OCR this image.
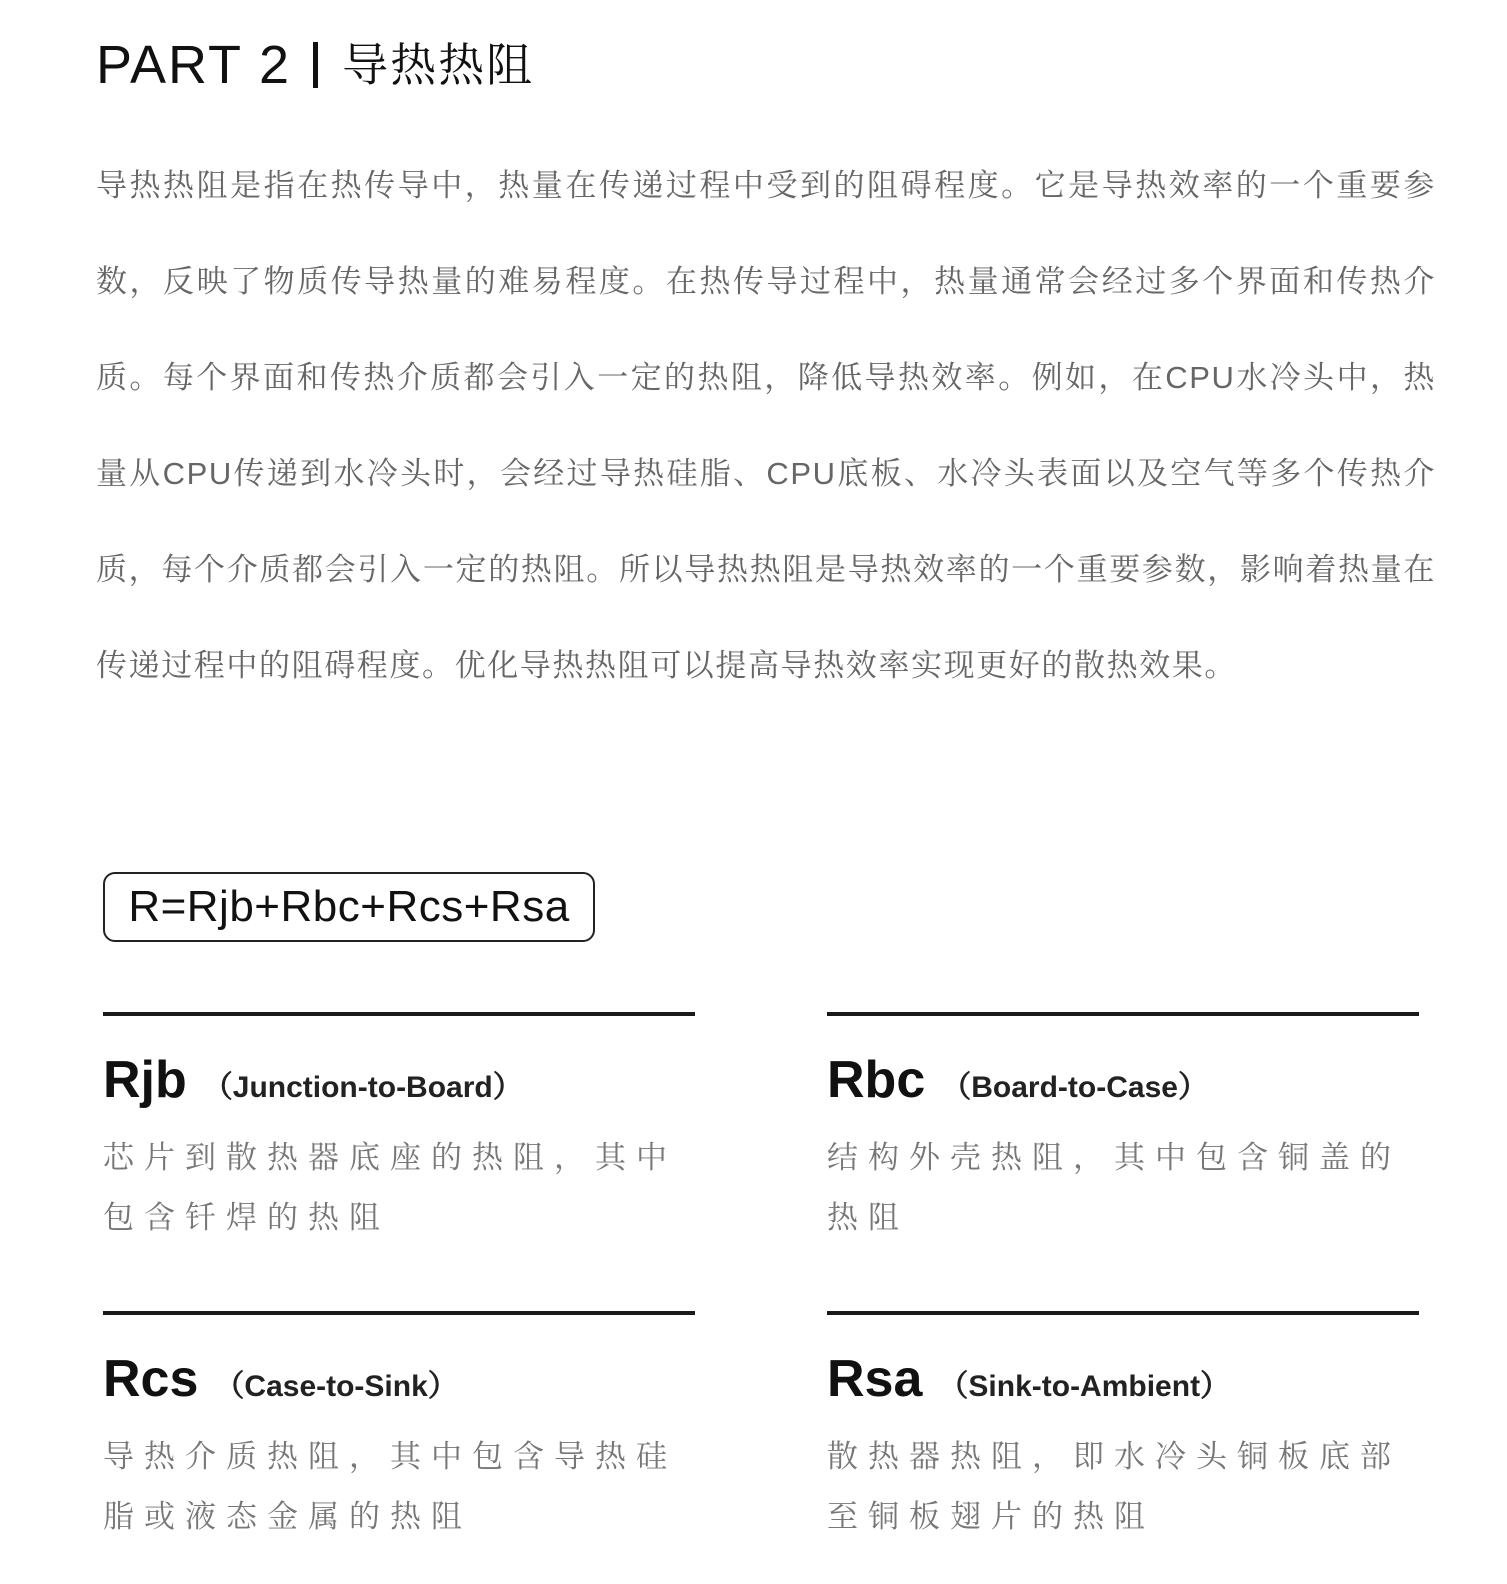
PART 2 导热热阻

导热热阻是指在热传导中，热量在传递过程中受到的阻碍程度。它是导热效率的一个重要参数，反映了物质传导热量的难易程度。在热传导过程中，热量通常会经过多个界面和传热介质。每个界面和传热介质都会引入一定的热阻，降低导热效率。例如，在CPU水冷头中，热量从CPU传递到水冷头时，会经过导热硅脂、CPU底板、水冷头表面以及空气等多个传热介质，每个介质都会引入一定的热阻。所以导热热阻是导热效率的一个重要参数，影响着热量在传递过程中的阻碍程度。优化导热热阻可以提高导热效率实现更好的散热效果。

R=Rjb+Rbc+Rcs+Rsa
Rjb （Junction-to-Board）
芯片到散热器底座的热阻，其中包含钎焊的热阻
Rbc （Board-to-Case）
结构外壳热阻，其中包含铜盖的热阻
Rcs （Case-to-Sink）
导热介质热阻，其中包含导热硅脂或液态金属的热阻
Rsa （Sink-to-Ambient）
散热器热阻，即水冷头铜板底部至铜板翅片的热阻
